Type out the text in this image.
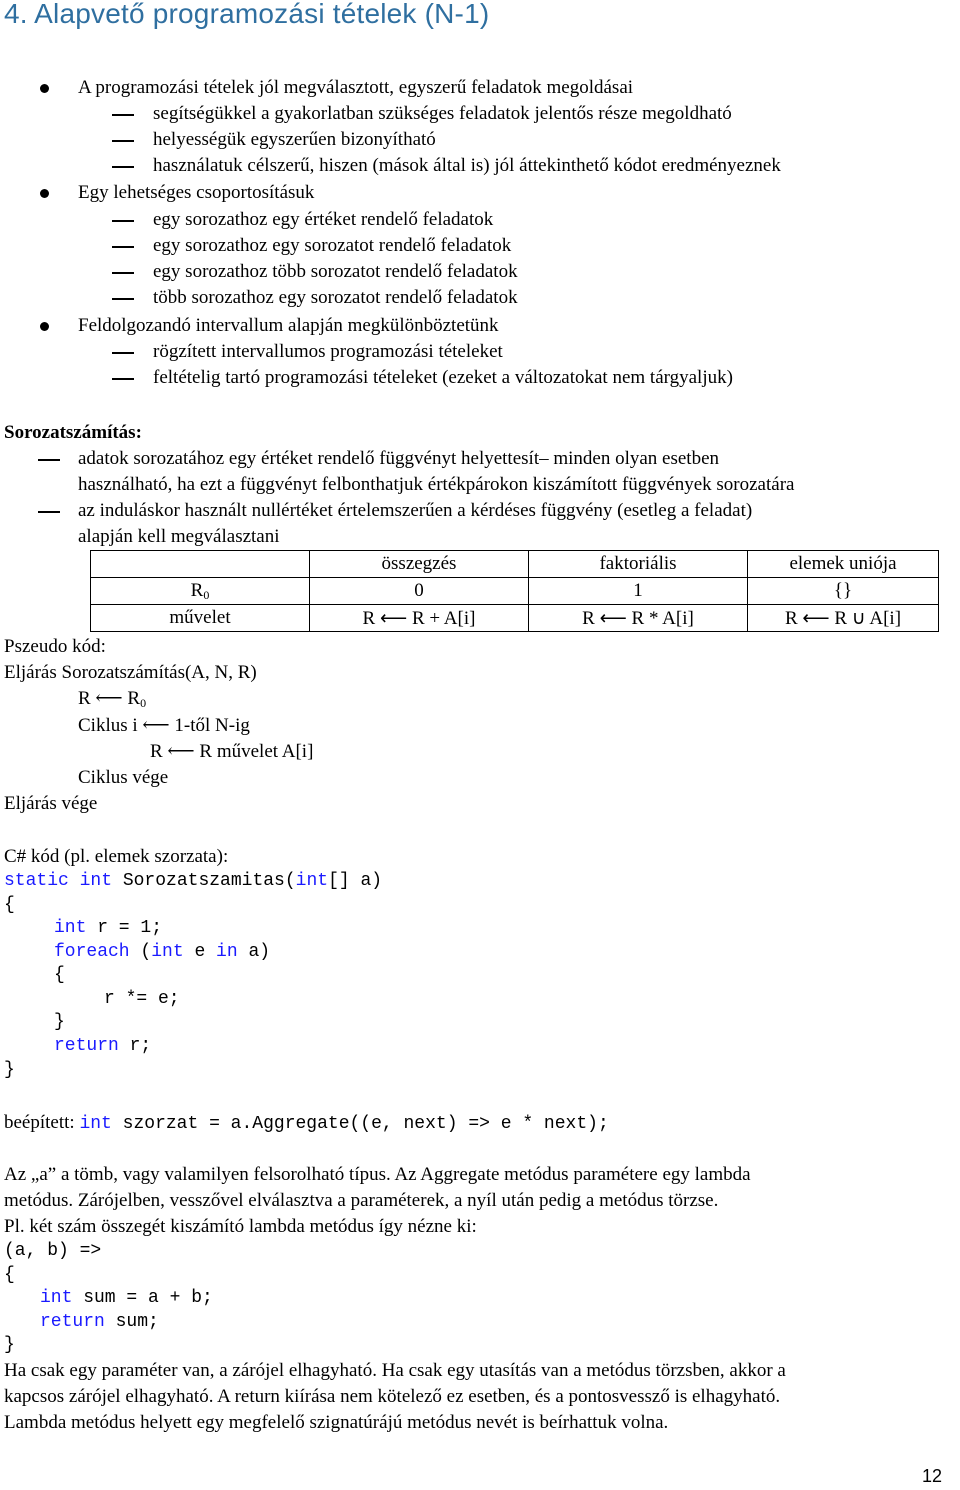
4. Alapvető programozási tételek (N-1)
A programozási tételek jól megválasztott, egyszerű feladatok megoldásai
segítségükkel a gyakorlatban szükséges feladatok jelentős része megoldható
helyességük egyszerűen bizonyítható
használatuk célszerű, hiszen (mások által is) jól áttekinthető kódot eredményeznek
Egy lehetséges csoportosításuk
egy sorozathoz egy értéket rendelő feladatok
egy sorozathoz egy sorozatot rendelő feladatok
egy sorozathoz több sorozatot rendelő feladatok
több sorozathoz egy sorozatot rendelő feladatok
Feldolgozandó intervallum alapján megkülönböztetünk
rögzített intervallumos programozási tételeket
feltételig tartó programozási tételeket (ezeket a változatokat nem tárgyaljuk)
Sorozatszámítás:
adatok sorozatához egy értéket rendelő függvényt helyettesít– minden olyan esetben
használható, ha ezt a függvényt felbonthatjuk értékpárokon kiszámított függvények sorozatára
az induláskor használt nullértéket értelemszerűen a kérdéses függvény (esetleg a feladat)
alapján kell megválasztani
	összegzés	faktoriális	elemek uniója
$R_0$	0	1	{}
művelet	R ⟵ R + A[i]	R ⟵ R * A[i]	R ⟵ R ∪ A[i]
Pszeudo kód:
Eljárás Sorozatszámítás(A, N, R)
R ⟵ $R_0$
Ciklus i ⟵ 1-től N-ig
R ⟵ R művelet A[i]
Ciklus vége
Eljárás vége
C# kód (pl. elemek szorzata):
static int Sorozatszamitas(int[] a)
{
int r = 1;
foreach (int e in a)
{
r *= e;
}
return r;
}
beépített: int szorzat = a.Aggregate((e, next) => e * next);
Az „a” a tömb, vagy valamilyen felsorolható típus. Az Aggregate metódus paramétere egy lambda
metódus. Zárójelben, vesszővel elválasztva a paraméterek, a nyíl után pedig a metódus törzse.
Pl. két szám összegét kiszámító lambda metódus így nézne ki:
(a, b) =>
{
int sum = a + b;
return sum;
}
Ha csak egy paraméter van, a zárójel elhagyható. Ha csak egy utasítás van a metódus törzsben, akkor a
kapcsos zárójel elhagyható. A return kiírása nem kötelező ez esetben, és a pontosvessző is elhagyható.
Lambda metódus helyett egy megfelelő szignatúrájú metódus nevét is beírhattuk volna.
12
